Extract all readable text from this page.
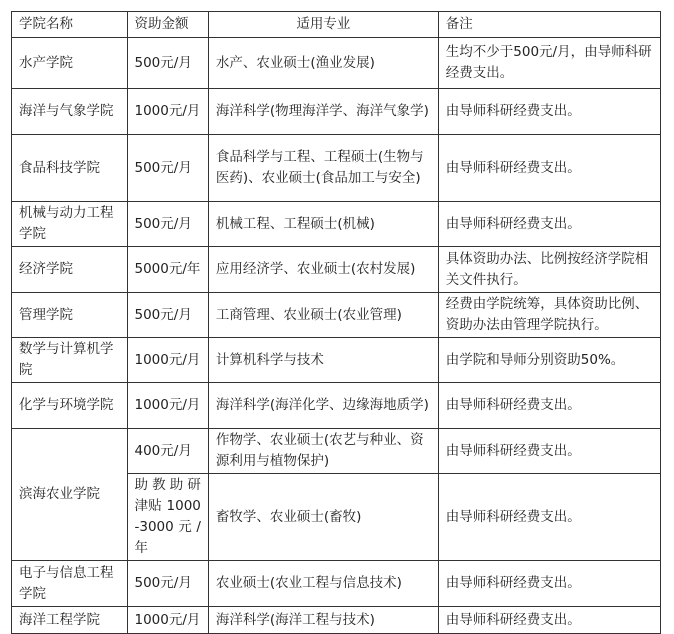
学院名称	资助金额	适用专业	备注
水产学院	500元/月	水产、农业硕士(渔业发展)	生均不少于500元/月，由导师科研经费支出。
海洋与气象学院	1000元/月	海洋科学(物理海洋学、海洋气象学)	由导师科研经费支出。
食品科技学院	500元/月	食品科学与工程、工程硕士(生物与医药)、农业硕士(食品加工与安全)	由导师科研经费支出。
机械与动力工程学院	500元/月	机械工程、工程硕士(机械)	由导师科研经费支出。
经济学院	5000元/年	应用经济学、农业硕士(农村发展)	具体资助办法、比例按经济学院相关文件执行。
管理学院	500元/月	工商管理、农业硕士(农业管理)	经费由学院统筹，具体资助比例、资助办法由管理学院执行。
数学与计算机学院	1000元/月	计算机科学与技术	由学院和导师分别资助50%。
化学与环境学院	1000元/月	海洋科学(海洋化学、边缘海地质学)	由导师科研经费支出。
滨海农业学院	400元/月	作物学、农业硕士(农艺与种业、资源利用与植物保护)	由导师科研经费支出。
	助教助研津贴 1000-3000元/年	畜牧学、农业硕士(畜牧)	由导师科研经费支出。
电子与信息工程学院	500元/月	农业硕士(农业工程与信息技术)	由导师科研经费支出。
海洋工程学院	1000元/月	海洋科学(海洋工程与技术)	由导师科研经费支出。
